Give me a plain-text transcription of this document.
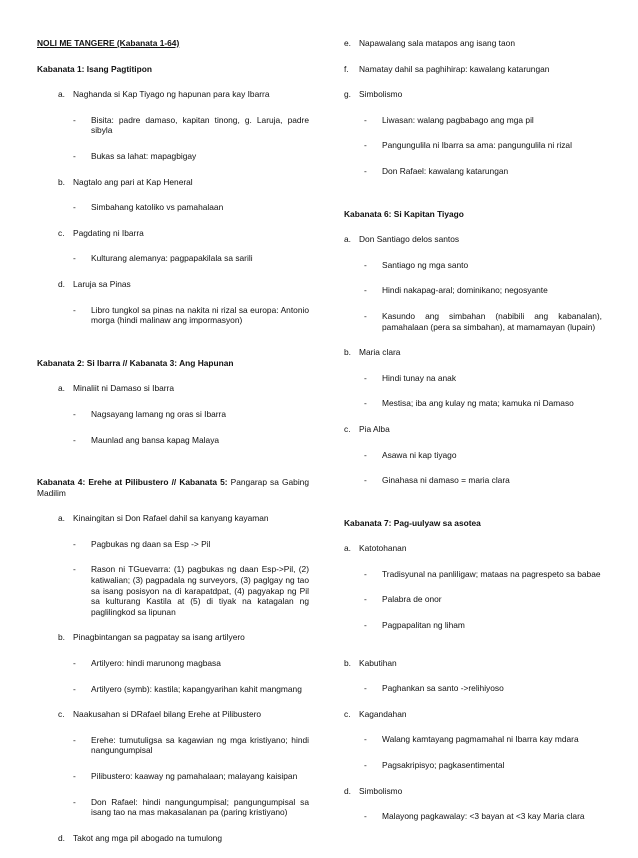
NOLI ME TANGERE (Kabanata 1-64)
Kabanata 1: Isang Pagtitipon
a. Naghanda si Kap Tiyago ng hapunan para kay Ibarra
- Bisita: padre damaso, kapitan tinong, g. Laruja, padre sibyla
- Bukas sa lahat: mapagbigay
b. Nagtalo ang pari at Kap Heneral
- Simbahang katoliko vs pamahalaan
c. Pagdating ni Ibarra
- Kulturang alemanya: pagpapakilala sa sarili
d. Laruja sa Pinas
- Libro tungkol sa pinas na nakita ni rizal sa europa: Antonio morga (hindi malinaw ang impormasyon)
Kabanata 2: Si Ibarra // Kabanata 3: Ang Hapunan
a. Minaliit ni Damaso si Ibarra
- Nagsayang lamang ng oras si Ibarra
- Maunlad ang bansa kapag Malaya
Kabanata 4: Erehe at Pilibustero // Kabanata 5: Pangarap sa Gabing Madilim
a. Kinaingitan si Don Rafael dahil sa kanyang kayaman
- Pagbukas ng daan sa Esp -> Pil
- Rason ni TGuevarra: (1) pagbukas ng daan Esp->Pil, (2) katiwalian; (3) pagpadala ng surveyors, (3) paglgay ng tao sa isang posisyon na di karapatdpat, (4) pagyakap ng Pil sa kulturang Kastila at (5) di tiyak na katagalan ng paglilingkod sa lipunan
b. Pinagbintangan sa pagpatay sa isang artilyero
- Artilyero: hindi marunong magbasa
- Artilyero (symb): kastila; kapangyarihan kahit mangmang
c. Naakusahan si DRafael bilang Erehe at Pilibustero
- Erehe: tumutuligsa sa kagawian ng mga kristiyano; hindi nangungumpisal
- Pilibustero: kaaway ng pamahalaan; malayang kaisipan
- Don Rafael: hindi nangungumpisal; pangungumpisal sa isang tao na mas makasalanan pa (paring kristiyano)
d. Takot ang mga pil abogado na tumulong
e. Napawalang sala matapos ang isang taon
f. Namatay dahil sa paghihirap: kawalang katarungan
g. Simbolismo
- Liwasan: walang pagbabago ang mga pil
- Pangungulila ni Ibarra sa ama: pangungulila ni rizal
- Don Rafael: kawalang katarungan
Kabanata 6: Si Kapitan Tiyago
a. Don Santiago delos santos
- Santiago ng mga santo
- Hindi nakapag-aral; dominikano; negosyante
- Kasundo ang simbahan (nabibili ang kabanalan), pamahalaan (pera sa simbahan), at mamamayan (lupain)
b. Maria clara
- Hindi tunay na anak
- Mestisa; iba ang kulay ng mata; kamuka ni Damaso
c. Pia Alba
- Asawa ni kap tiyago
- Ginahasa ni damaso = maria clara
Kabanata 7: Pag-uulyaw sa asotea
a. Katotohanan
- Tradisyunal na panliligaw; mataas na pagrespeto sa babae
- Palabra de onor
- Pagpapalitan ng liham
b. Kabutihan
- Paghankan sa santo ->relihiyoso
c. Kagandahan
- Walang kamtayang pagmamahal ni Ibarra kay mdara
- Pagsakripisyo; pagkasentimental
d. Simbolismo
- Malayong pagkawalay: <3 bayan at <3 kay Maria clara
